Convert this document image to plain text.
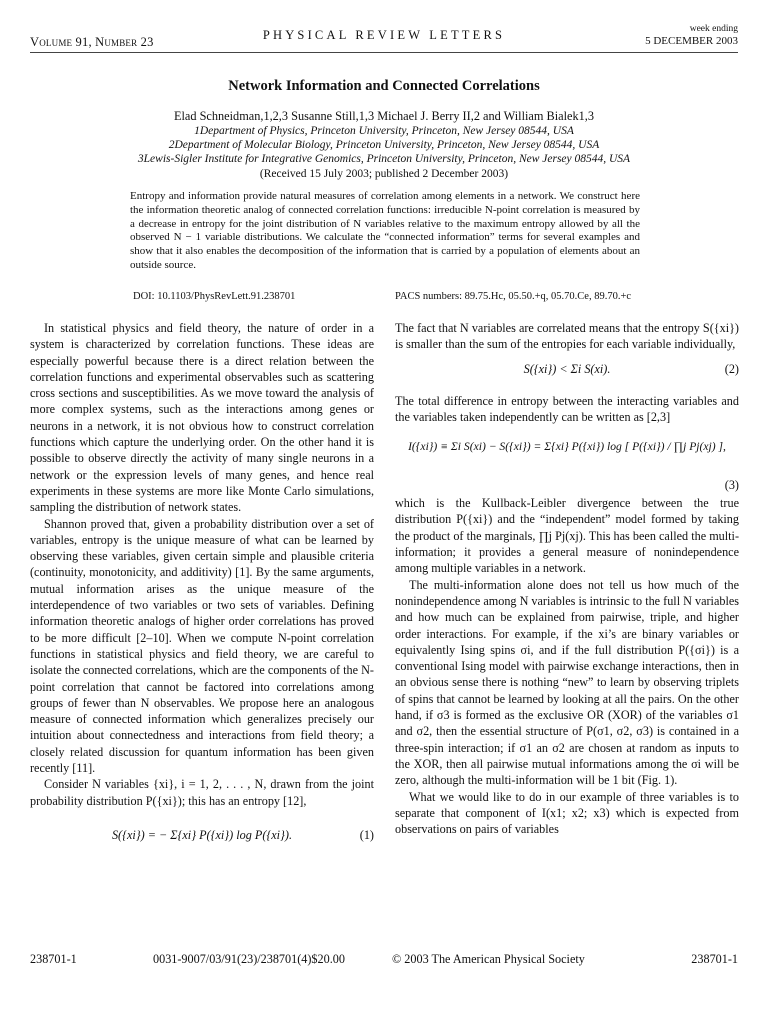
Volume 91, Number 23	PHYSICAL REVIEW LETTERS	week ending
5 DECEMBER 2003
Network Information and Connected Correlations
Elad Schneidman,1,2,3 Susanne Still,1,3 Michael J. Berry II,2 and William Bialek1,3
1Department of Physics, Princeton University, Princeton, New Jersey 08544, USA
2Department of Molecular Biology, Princeton University, Princeton, New Jersey 08544, USA
3Lewis-Sigler Institute for Integrative Genomics, Princeton University, Princeton, New Jersey 08544, USA
(Received 15 July 2003; published 2 December 2003)
Entropy and information provide natural measures of correlation among elements in a network. We construct here the information theoretic analog of connected correlation functions: irreducible N-point correlation is measured by a decrease in entropy for the joint distribution of N variables relative to the maximum entropy allowed by all the observed N − 1 variable distributions. We calculate the “connected information” terms for several examples and show that it also enables the decomposition of the information that is carried by a population of elements about an outside source.
DOI: 10.1103/PhysRevLett.91.238701	PACS numbers: 89.75.Hc, 05.50.+q, 05.70.Ce, 89.70.+c

In statistical physics and field theory, the nature of order in a system is characterized by correlation functions. These ideas are especially powerful because there is a direct relation between the correlation functions and experimental observables such as scattering cross sections and susceptibilities. As we move toward the analysis of more complex systems, such as the interactions among genes or neurons in a network, it is not obvious how to construct correlation functions which capture the underlying order. On the other hand it is possible to observe directly the activity of many single neurons in a network or the expression levels of many genes, and hence real experiments in these systems are more like Monte Carlo simulations, sampling the distribution of network states.

Shannon proved that, given a probability distribution over a set of variables, entropy is the unique measure of what can be learned by observing these variables, given certain simple and plausible criteria (continuity, monotonicity, and additivity) [1]. By the same arguments, mutual information arises as the unique measure of the interdependence of two variables or two sets of variables. Defining information theoretic analogs of higher order correlations has proved to be more difficult [2–10]. When we compute N-point correlation functions in statistical physics and field theory, we are careful to isolate the connected correlations, which are the components of the N-point correlation that cannot be factored into correlations among groups of fewer than N observables. We propose here an analogous measure of connected information which generalizes precisely our intuition about connectedness and interactions from field theory; a closely related discussion for quantum information has been given recently [11].

Consider N variables {xi}, i = 1, 2, . . . , N, drawn from the joint probability distribution P({xi}); this has an entropy [12],

S({xi}) = − Σ{xi} P({xi}) log P({xi}).	(1)

The fact that N variables are correlated means that the entropy S({xi}) is smaller than the sum of the entropies for each variable individually,

S({xi}) < Σi S(xi).	(2)

The total difference in entropy between the interacting variables and the variables taken independently can be written as [2,3]

I({xi}) ≡ Σi S(xi) − S({xi}) = Σ{xi} P({xi}) log [ P({xi}) / ∏j Pj(xj) ],
(3)

which is the Kullback-Leibler divergence between the true distribution P({xi}) and the “independent” model formed by taking the product of the marginals, ∏j Pj(xj). This has been called the multi-information; it provides a general measure of nonindependence among multiple variables in a network.

The multi-information alone does not tell us how much of the nonindependence among N variables is intrinsic to the full N variables and how much can be explained from pairwise, triple, and higher order interactions. For example, if the xi’s are binary variables or equivalently Ising spins σi, and if the full distribution P({σi}) is a conventional Ising model with pairwise exchange interactions, then in an obvious sense there is nothing “new” to learn by observing triplets of spins that cannot be learned by looking at all the pairs. On the other hand, if σ3 is formed as the exclusive OR (XOR) of the variables σ1 and σ2, then the essential structure of P(σ1, σ2, σ3) is contained in a three-spin interaction; if σ1 an σ2 are chosen at random as inputs to the XOR, then all pairwise mutual informations among the σi will be zero, although the multi-information will be 1 bit (Fig. 1).

What we would like to do in our example of three variables is to separate that component of I(x1; x2; x3) which is expected from observations on pairs of variables

238701-1	0031-9007/03/91(23)/238701(4)$20.00	© 2003 The American Physical Society	238701-1
